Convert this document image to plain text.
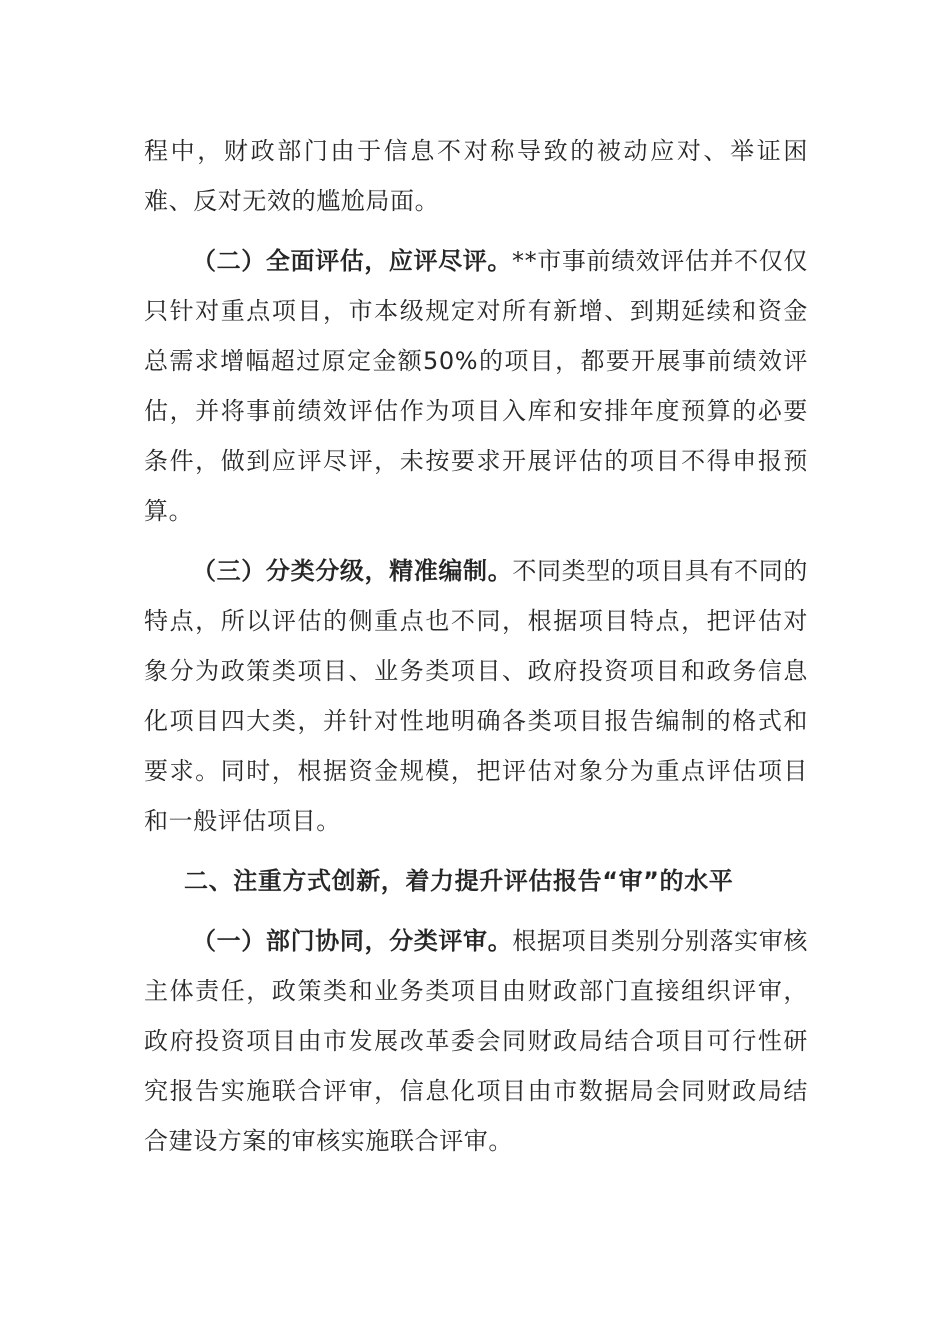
程中，财政部门由于信息不对称导致的被动应对、举证困难、反对无效的尴尬局面。

（二）全面评估，应评尽评。**市事前绩效评估并不仅仅只针对重点项目，市本级规定对所有新增、到期延续和资金总需求增幅超过原定金额50%的项目，都要开展事前绩效评估，并将事前绩效评估作为项目入库和安排年度预算的必要条件，做到应评尽评，未按要求开展评估的项目不得申报预算。

（三）分类分级，精准编制。不同类型的项目具有不同的特点，所以评估的侧重点也不同，根据项目特点，把评估对象分为政策类项目、业务类项目、政府投资项目和政务信息化项目四大类，并针对性地明确各类项目报告编制的格式和要求。同时，根据资金规模，把评估对象分为重点评估项目和一般评估项目。

二、注重方式创新，着力提升评估报告“审”的水平

（一）部门协同，分类评审。根据项目类别分别落实审核主体责任，政策类和业务类项目由财政部门直接组织评审，政府投资项目由市发展改革委会同财政局结合项目可行性研究报告实施联合评审，信息化项目由市数据局会同财政局结合建设方案的审核实施联合评审。
